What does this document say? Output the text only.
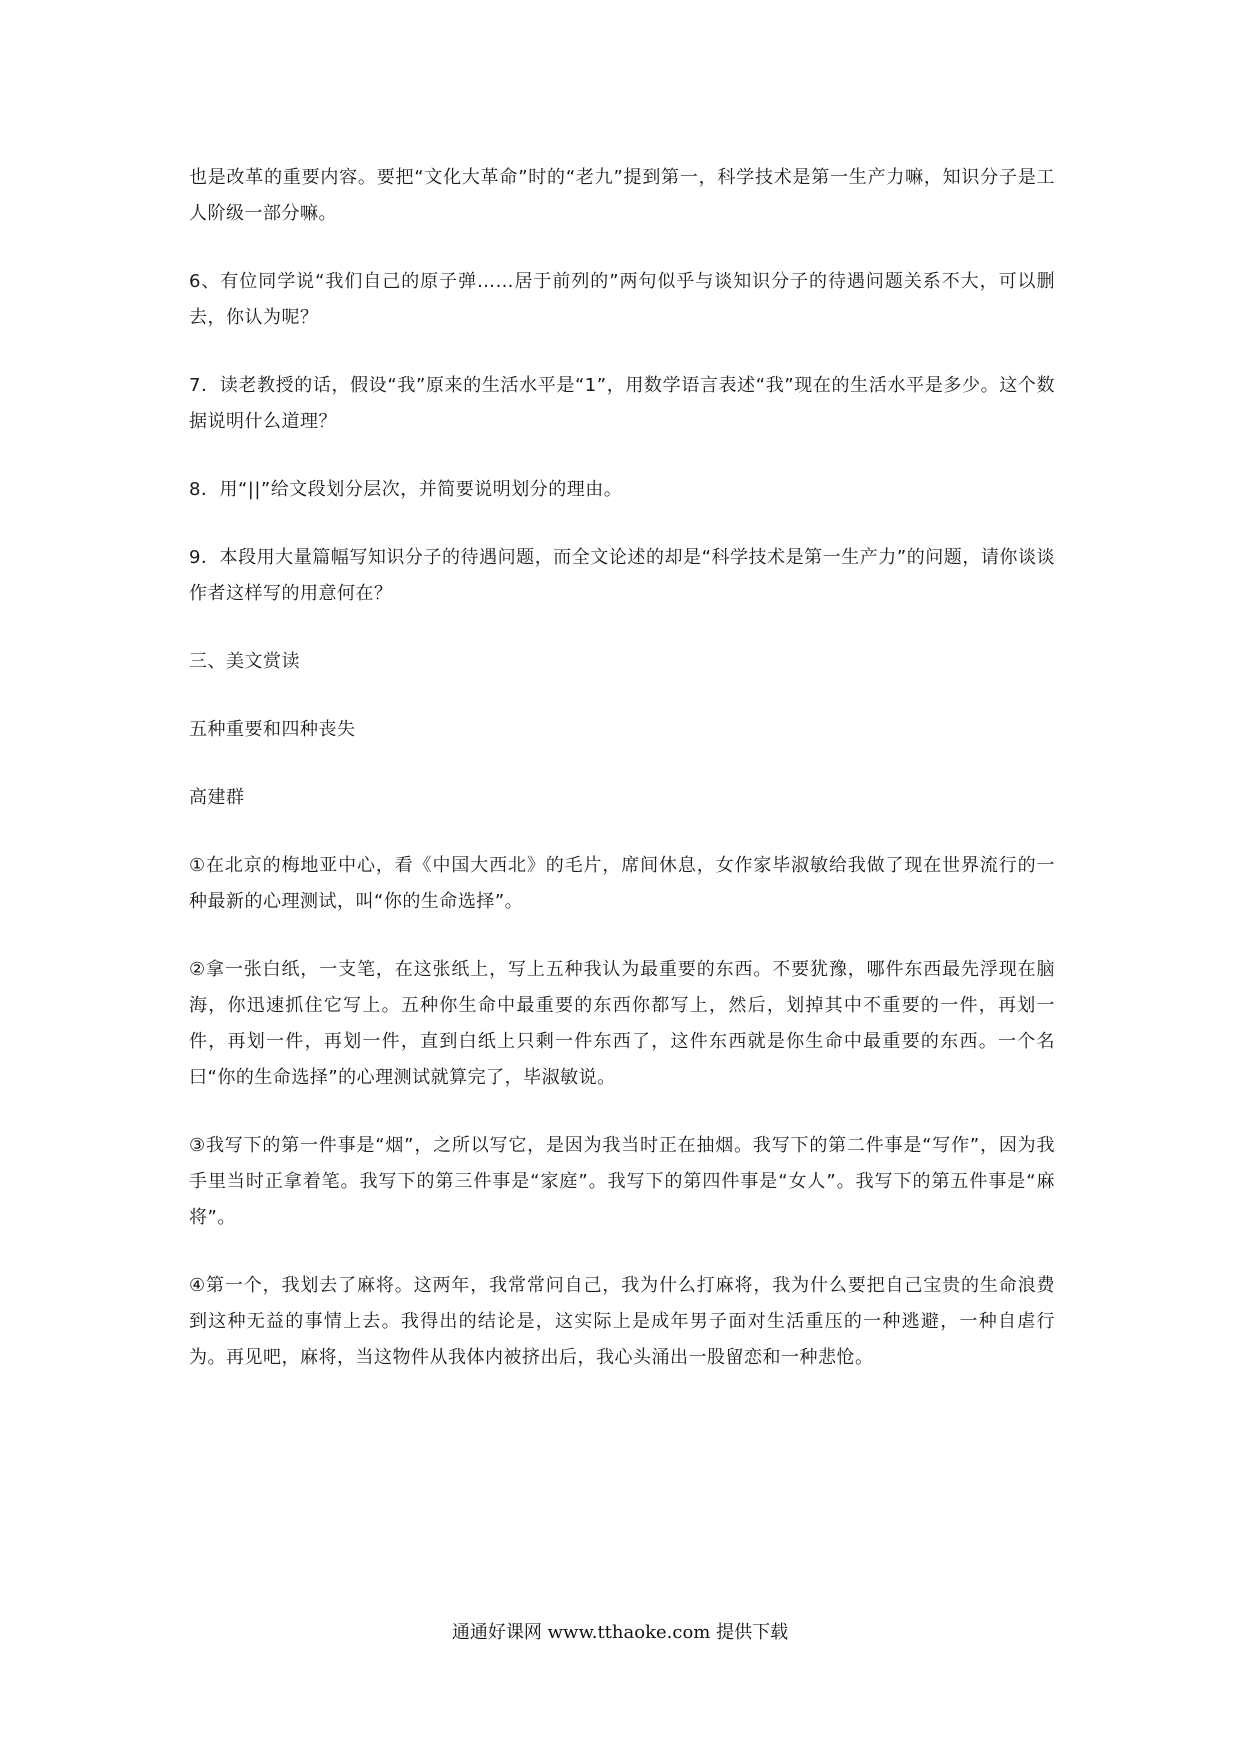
也是改革的重要内容。要把“文化大革命”时的“老九”提到第一，科学技术是第一生产力嘛，知识分子是工人阶级一部分嘛。

6、有位同学说“我们自己的原子弹……居于前列的”两句似乎与谈知识分子的待遇问题关系不大，可以删去，你认为呢？

7．读老教授的话，假设“我”原来的生活水平是“1”，用数学语言表述“我”现在的生活水平是多少。这个数据说明什么道理？

8．用“||”给文段划分层次，并简要说明划分的理由。

9．本段用大量篇幅写知识分子的待遇问题，而全文论述的却是“科学技术是第一生产力”的问题，请你谈谈作者这样写的用意何在？

三、美文赏读

五种重要和四种丧失

高建群

①在北京的梅地亚中心，看《中国大西北》的毛片，席间休息，女作家毕淑敏给我做了现在世界流行的一种最新的心理测试，叫“你的生命选择”。

②拿一张白纸，一支笔，在这张纸上，写上五种我认为最重要的东西。不要犹豫，哪件东西最先浮现在脑海，你迅速抓住它写上。五种你生命中最重要的东西你都写上，然后，划掉其中不重要的一件，再划一件，再划一件，再划一件，直到白纸上只剩一件东西了，这件东西就是你生命中最重要的东西。一个名曰“你的生命选择”的心理测试就算完了，毕淑敏说。

③我写下的第一件事是“烟”，之所以写它，是因为我当时正在抽烟。我写下的第二件事是“写作”，因为我手里当时正拿着笔。我写下的第三件事是“家庭”。我写下的第四件事是“女人”。我写下的第五件事是“麻将”。

④第一个，我划去了麻将。这两年，我常常问自己，我为什么打麻将，我为什么要把自己宝贵的生命浪费到这种无益的事情上去。我得出的结论是，这实际上是成年男子面对生活重压的一种逃避，一种自虐行为。再见吧，麻将，当这物件从我体内被挤出后，我心头涌出一股留恋和一种悲怆。

通通好课网 www.tthaoke.com 提供下载
